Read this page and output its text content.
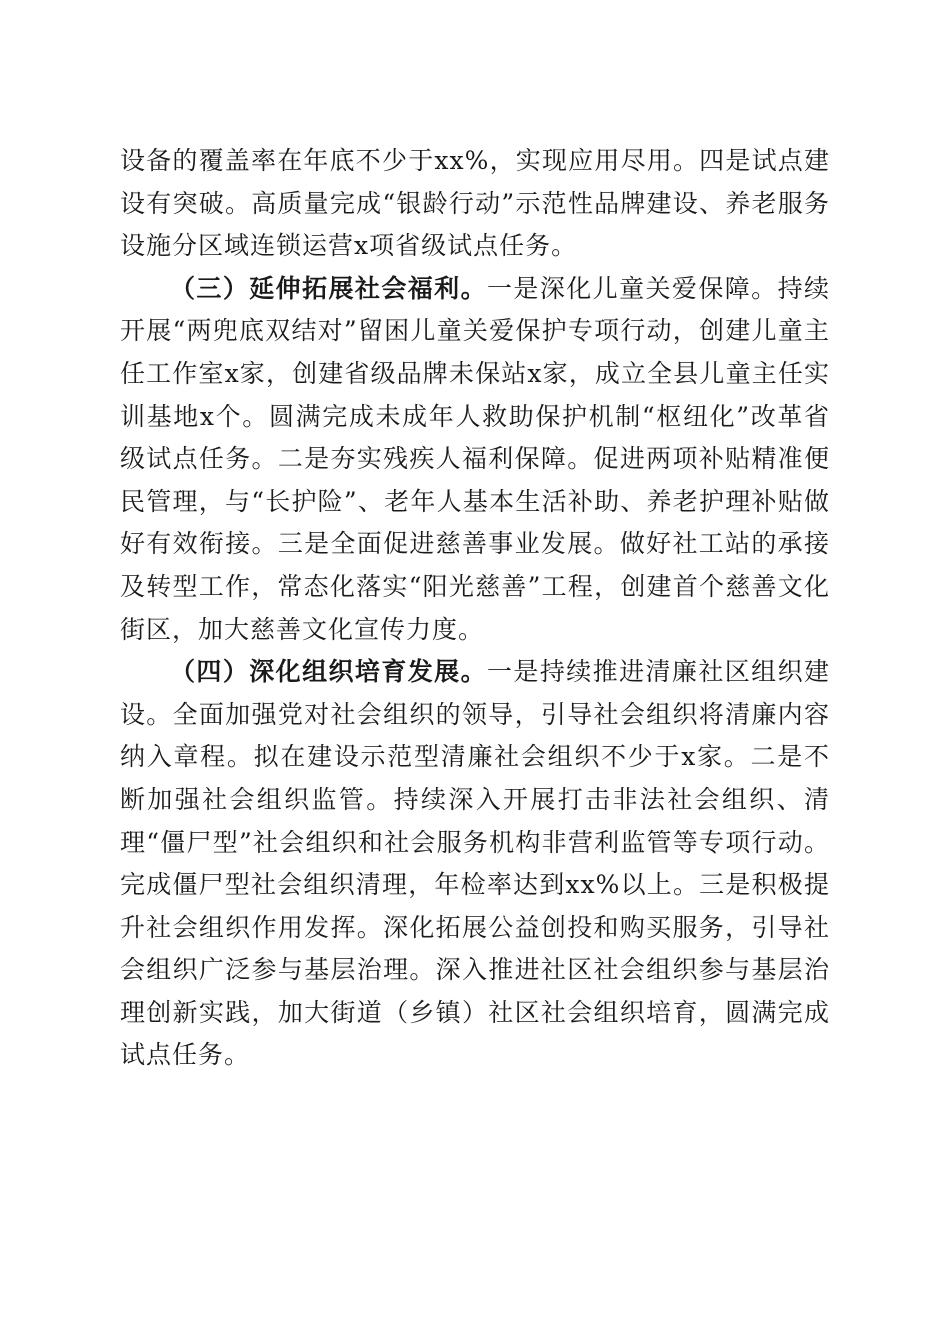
设备的覆盖率在年底不少于xx%，实现应用尽用。四是试点建设有突破。高质量完成“银龄行动”示范性品牌建设、养老服务设施分区域连锁运营x项省级试点任务。

（三）延伸拓展社会福利。一是深化儿童关爱保障。持续开展“两兜底双结对”留困儿童关爱保护专项行动，创建儿童主任工作室x家，创建省级品牌未保站x家，成立全县儿童主任实训基地x个。圆满完成未成年人救助保护机制“枢纽化”改革省级试点任务。二是夯实残疾人福利保障。促进两项补贴精准便民管理，与“长护险”、老年人基本生活补助、养老护理补贴做好有效衔接。三是全面促进慈善事业发展。做好社工站的承接及转型工作，常态化落实“阳光慈善”工程，创建首个慈善文化街区，加大慈善文化宣传力度。

（四）深化组织培育发展。一是持续推进清廉社区组织建设。全面加强党对社会组织的领导，引导社会组织将清廉内容纳入章程。拟在建设示范型清廉社会组织不少于x家。二是不断加强社会组织监管。持续深入开展打击非法社会组织、清理“僵尸型”社会组织和社会服务机构非营利监管等专项行动。完成僵尸型社会组织清理，年检率达到xx%以上。三是积极提升社会组织作用发挥。深化拓展公益创投和购买服务，引导社会组织广泛参与基层治理。深入推进社区社会组织参与基层治理创新实践，加大街道（乡镇）社区社会组织培育，圆满完成试点任务。
